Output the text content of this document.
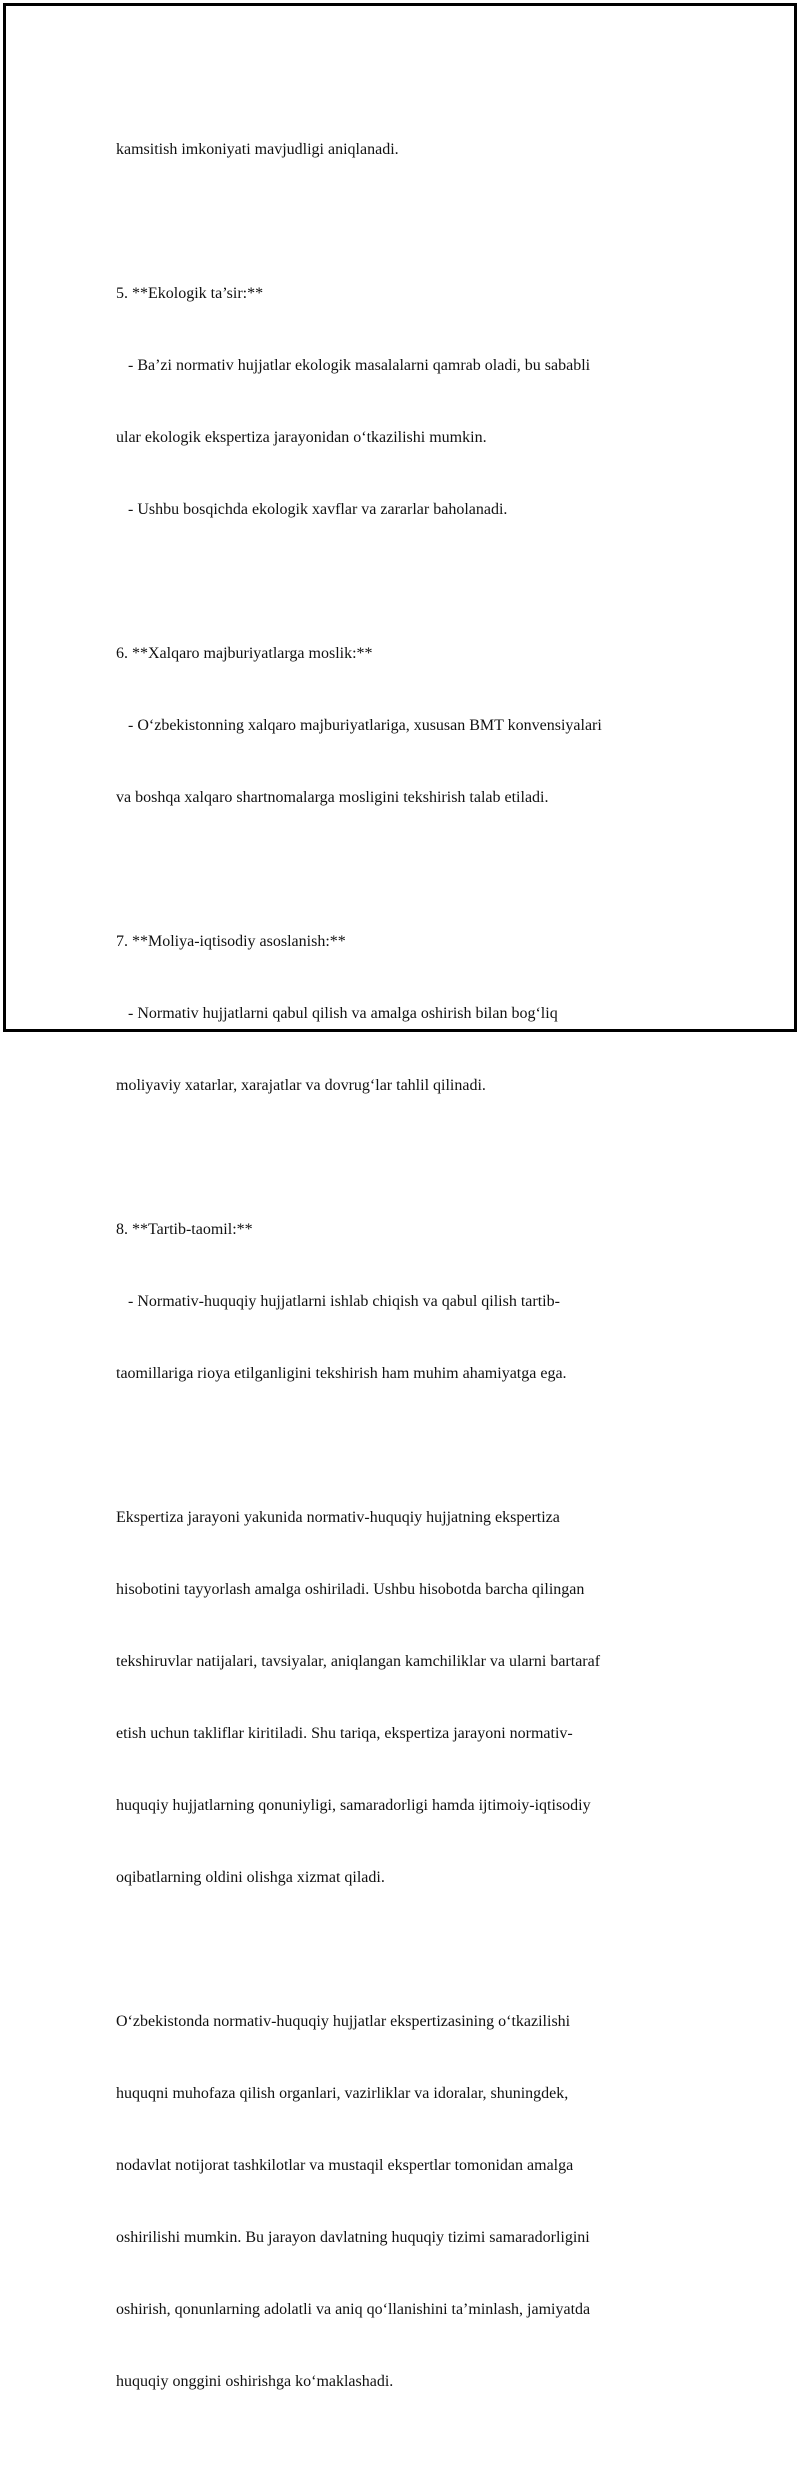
kamsitish imkoniyati mavjudligi aniqlanadi.

5. **Ekologik ta’sir:**

- Ba’zi normativ hujjatlar ekologik masalalarni qamrab oladi, bu sababli

ular ekologik ekspertiza jarayonidan o‘tkazilishi mumkin.

- Ushbu bosqichda ekologik xavflar va zararlar baholanadi.

6. **Xalqaro majburiyatlarga moslik:**

- O‘zbekistonning xalqaro majburiyatlariga, xususan BMT konvensiyalari

va boshqa xalqaro shartnomalarga mosligini tekshirish talab etiladi.

7. **Moliya-iqtisodiy asoslanish:**

- Normativ hujjatlarni qabul qilish va amalga oshirish bilan bog‘liq

moliyaviy xatarlar, xarajatlar va dovrug‘lar tahlil qilinadi.

8. **Tartib-taomil:**

- Normativ-huquqiy hujjatlarni ishlab chiqish va qabul qilish tartib-

taomillariga rioya etilganligini tekshirish ham muhim ahamiyatga ega.

Ekspertiza jarayoni yakunida normativ-huquqiy hujjatning ekspertiza

hisobotini tayyorlash amalga oshiriladi. Ushbu hisobotda barcha qilingan

tekshiruvlar natijalari, tavsiyalar, aniqlangan kamchiliklar va ularni bartaraf

etish uchun takliflar kiritiladi. Shu tariqa, ekspertiza jarayoni normativ-

huquqiy hujjatlarning qonuniyligi, samaradorligi hamda ijtimoiy-iqtisodiy

oqibatlarning oldini olishga xizmat qiladi.

O‘zbekistonda normativ-huquqiy hujjatlar ekspertizasining o‘tkazilishi

huquqni muhofaza qilish organlari, vazirliklar va idoralar, shuningdek,

nodavlat notijorat tashkilotlar va mustaqil ekspertlar tomonidan amalga

oshirilishi mumkin. Bu jarayon davlatning huquqiy tizimi samaradorligini

oshirish, qonunlarning adolatli va aniq qo‘llanishini ta’minlash, jamiyatda

huquqiy onggini oshirishga ko‘maklashadi.
